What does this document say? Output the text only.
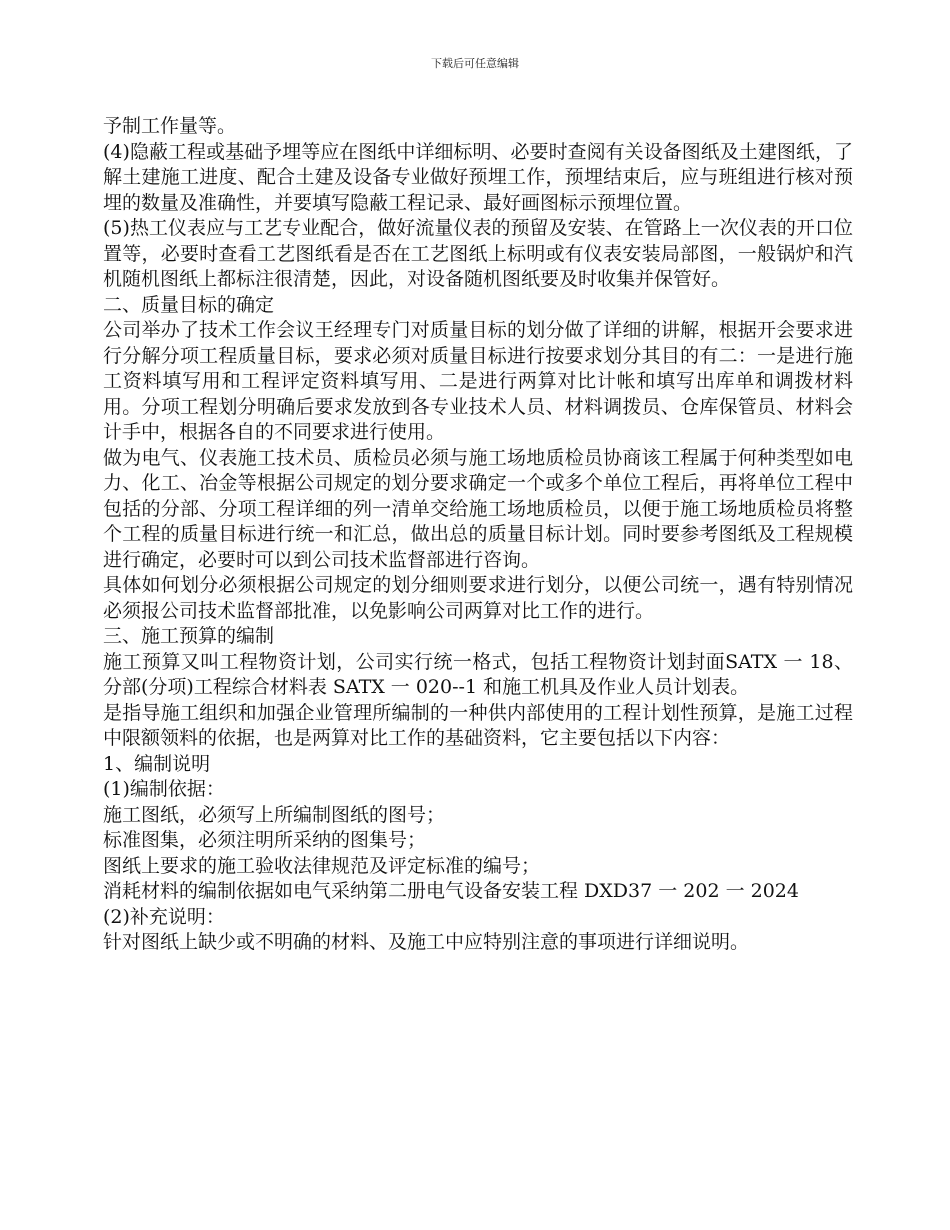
下载后可任意编辑

予制工作量等。

(4)隐蔽工程或基础予埋等应在图纸中详细标明、必要时查阅有关设备图纸及土建图纸，了解土建施工进度、配合土建及设备专业做好预埋工作，预埋结束后，应与班组进行核对预埋的数量及准确性，并要填写隐蔽工程记录、最好画图标示预埋位置。

(5)热工仪表应与工艺专业配合，做好流量仪表的预留及安装、在管路上一次仪表的开口位置等，必要时查看工艺图纸看是否在工艺图纸上标明或有仪表安装局部图，一般锅炉和汽机随机图纸上都标注很清楚，因此，对设备随机图纸要及时收集并保管好。

二、质量目标的确定

公司举办了技术工作会议王经理专门对质量目标的划分做了详细的讲解，根据开会要求进行分解分项工程质量目标，要求必须对质量目标进行按要求划分其目的有二：一是进行施工资料填写用和工程评定资料填写用、二是进行两算对比计帐和填写出库单和调拨材料用。分项工程划分明确后要求发放到各专业技术人员、材料调拨员、仓库保管员、材料会计手中，根据各自的不同要求进行使用。

做为电气、仪表施工技术员、质检员必须与施工场地质检员协商该工程属于何种类型如电力、化工、冶金等根据公司规定的划分要求确定一个或多个单位工程后，再将单位工程中包括的分部、分项工程详细的列一清单交给施工场地质检员，以便于施工场地质检员将整个工程的质量目标进行统一和汇总，做出总的质量目标计划。同时要参考图纸及工程规模进行确定，必要时可以到公司技术监督部进行咨询。

具体如何划分必须根据公司规定的划分细则要求进行划分，以便公司统一，遇有特别情况必须报公司技术监督部批准，以免影响公司两算对比工作的进行。

三、施工预算的编制

施工预算又叫工程物资计划，公司实行统一格式，包括工程物资计划封面SATX 一 18、分部(分项)工程综合材料表 SATX 一 020--1 和施工机具及作业人员计划表。

是指导施工组织和加强企业管理所编制的一种供内部使用的工程计划性预算，是施工过程中限额领料的依据，也是两算对比工作的基础资料，它主要包括以下内容：

1、编制说明

(1)编制依据：

施工图纸，必须写上所编制图纸的图号；

标准图集，必须注明所采纳的图集号；

图纸上要求的施工验收法律规范及评定标准的编号；

消耗材料的编制依据如电气采纳第二册电气设备安装工程 DXD37 一 202 一 2024

(2)补充说明：

针对图纸上缺少或不明确的材料、及施工中应特别注意的事项进行详细说明。
